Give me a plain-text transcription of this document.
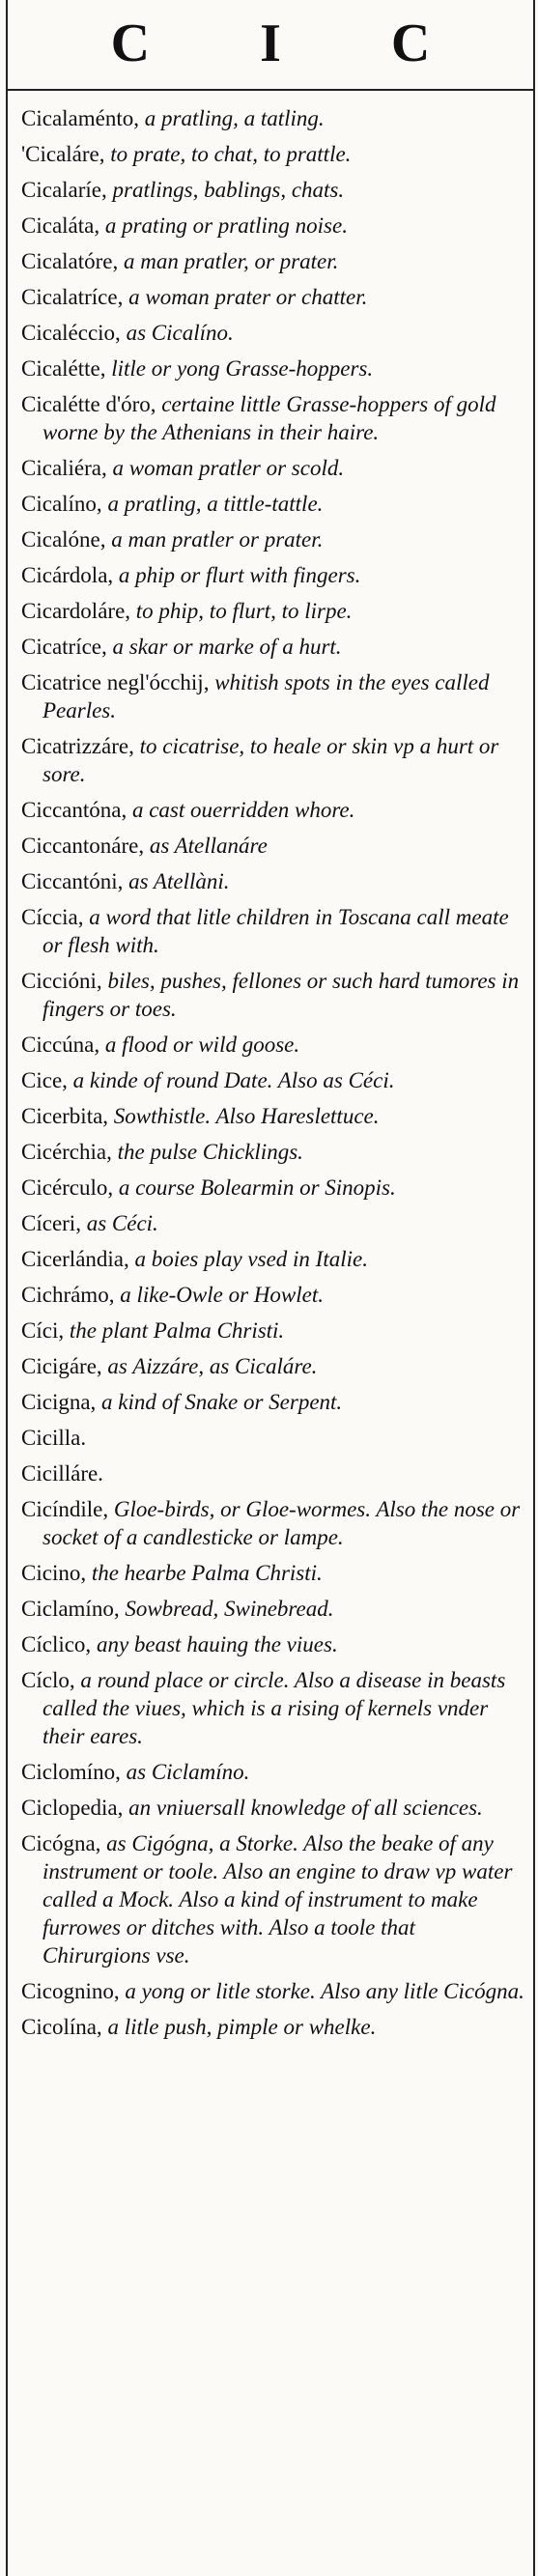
C I C
Cicalaménto, a pratling, a tatling.
'Cicaláre, to prate, to chat, to prattle.
Cicalaríe, pratlings, bablings, chats.
Cicaláta, a prating or pratling noise.
Cicalatóre, a man pratler, or prater.
Cicalatríce, a woman prater or chatter.
Cicaléccio, as Cicalíno.
Cicalétte, litle or yong Grasse-hoppers.
Cicalétte d'óro, certaine little Grasse-hoppers of gold worne by the Athenians in their haire.
Cicaliéra, a woman pratler or scold.
Cicalíno, a pratling, a tittle-tattle.
Cicalóne, a man pratler or prater.
Cicárdola, a phip or flurt with fingers.
Cicardoláre, to phip, to flurt, to lirpe.
Cicatríce, a skar or marke of a hurt.
Cicatrice negl'ócchij, whitish spots in the eyes called Pearles.
Cicatrizzáre, to cicatrise, to heale or skin vp a hurt or sore.
Ciccantóna, a cast ouerridden whore.
Ciccantonáre, as Atellanáre
Ciccantóni, as Atellàni.
Cíccia, a word that litle children in Toscana call meate or flesh with.
Ciccióni, biles, pushes, fellones or such hard tumores in fingers or toes.
Ciccúna, a flood or wild goose.
Cice, a kinde of round Date. Also as Céci.
Cicerbita, Sowthistle. Also Hareslettuce.
Cicérchia, the pulse Chicklings.
Cicérculo, a course Bolearmin or Sinopis.
Cíceri, as Céci.
Cicerlándia, a boies play vsed in Italie.
Cichrámo, a like-Owle or Howlet.
Cíci, the plant Palma Christi.
Cicigáre, as Aizzáre, as Cicaláre.
Cicigna, a kind of Snake or Serpent.
Cicilla.
Cicilláre.
Cicíndile, Gloe-birds, or Gloe-wormes. Also the nose or socket of a candlesticke or lampe.
Cicino, the hearbe Palma Christi.
Ciclamíno, Sowbread, Swinebread.
Cíclico, any beast hauing the viues.
Cíclo, a round place or circle. Also a disease in beasts called the viues, which is a rising of kernels vnder their eares.
Ciclomíno, as Ciclamíno.
Ciclopedia, an vniuersall knowledge of all sciences.
Cicógna, as Cigógna, a Storke. Also the beake of any instrument or toole. Also an engine to draw vp water called a Mock. Also a kind of instrument to make furrowes or ditches with. Also a toole that Chirurgions vse.
Cicognino, a yong or litle storke. Also any litle Cicógna.
Cicolína, a litle push, pimple or whelke.
